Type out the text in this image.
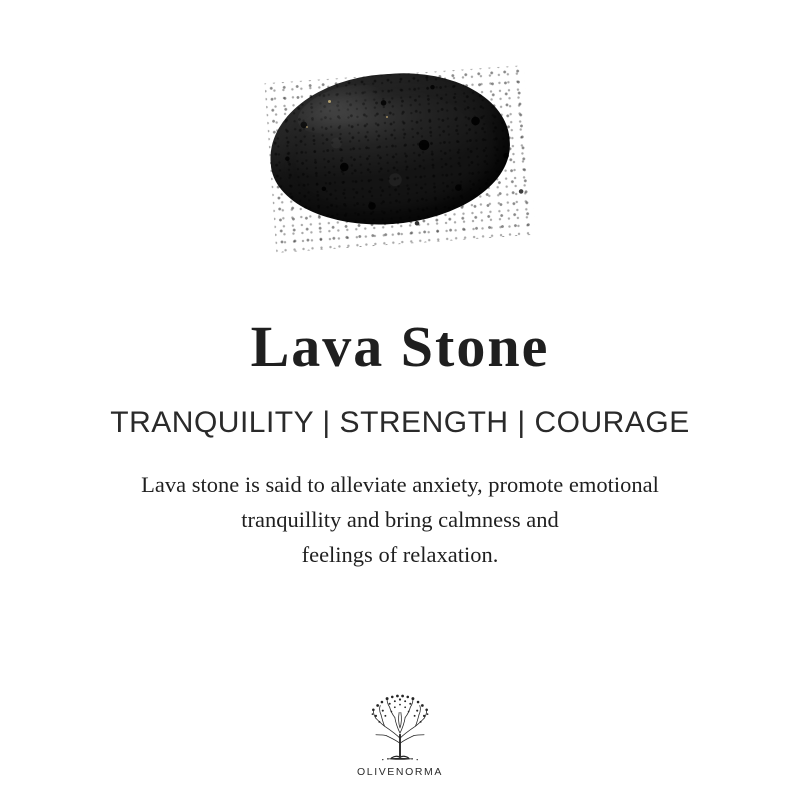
Lava Stone
TRANQUILITY | STRENGTH | COURAGE
Lava stone is said to alleviate anxiety, promote emotional
tranquillity and bring calmness and
feelings of relaxation.
OLIVENORMA
